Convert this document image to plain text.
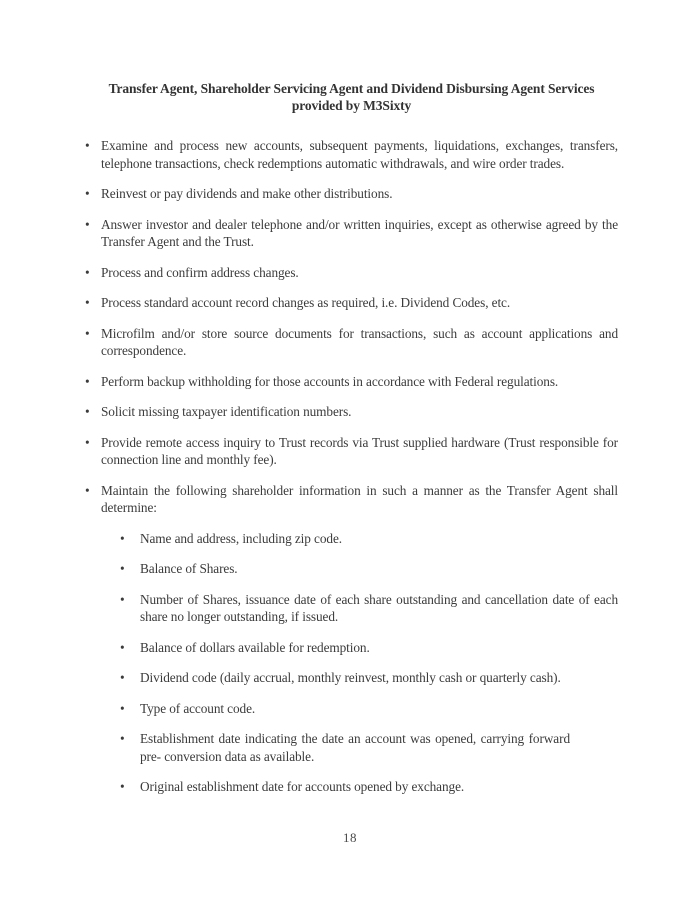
Transfer Agent, Shareholder Servicing Agent and Dividend Disbursing Agent Services
provided by M3Sixty
• Examine and process new accounts, subsequent payments, liquidations, exchanges, transfers, telephone transactions, check redemptions automatic withdrawals, and wire order trades.
• Reinvest or pay dividends and make other distributions.
• Answer investor and dealer telephone and/or written inquiries, except as otherwise agreed by the Transfer Agent and the Trust.
• Process and confirm address changes.
• Process standard account record changes as required, i.e. Dividend Codes, etc.
• Microfilm and/or store source documents for transactions, such as account applications and correspondence.
• Perform backup withholding for those accounts in accordance with Federal regulations.
• Solicit missing taxpayer identification numbers.
• Provide remote access inquiry to Trust records via Trust supplied hardware (Trust responsible for connection line and monthly fee).
• Maintain the following shareholder information in such a manner as the Transfer Agent shall determine:
•	Name and address, including zip code.
•	Balance of Shares.
•	Number of Shares, issuance date of each share outstanding and cancellation date of each share no longer outstanding, if issued.
•	Balance of dollars available for redemption.
•	Dividend code (daily accrual, monthly reinvest, monthly cash or quarterly cash).
•	Type of account code.
•	Establishment date indicating the date an account was opened, carrying forward pre- conversion data as available.
•	Original establishment date for accounts opened by exchange.
18
